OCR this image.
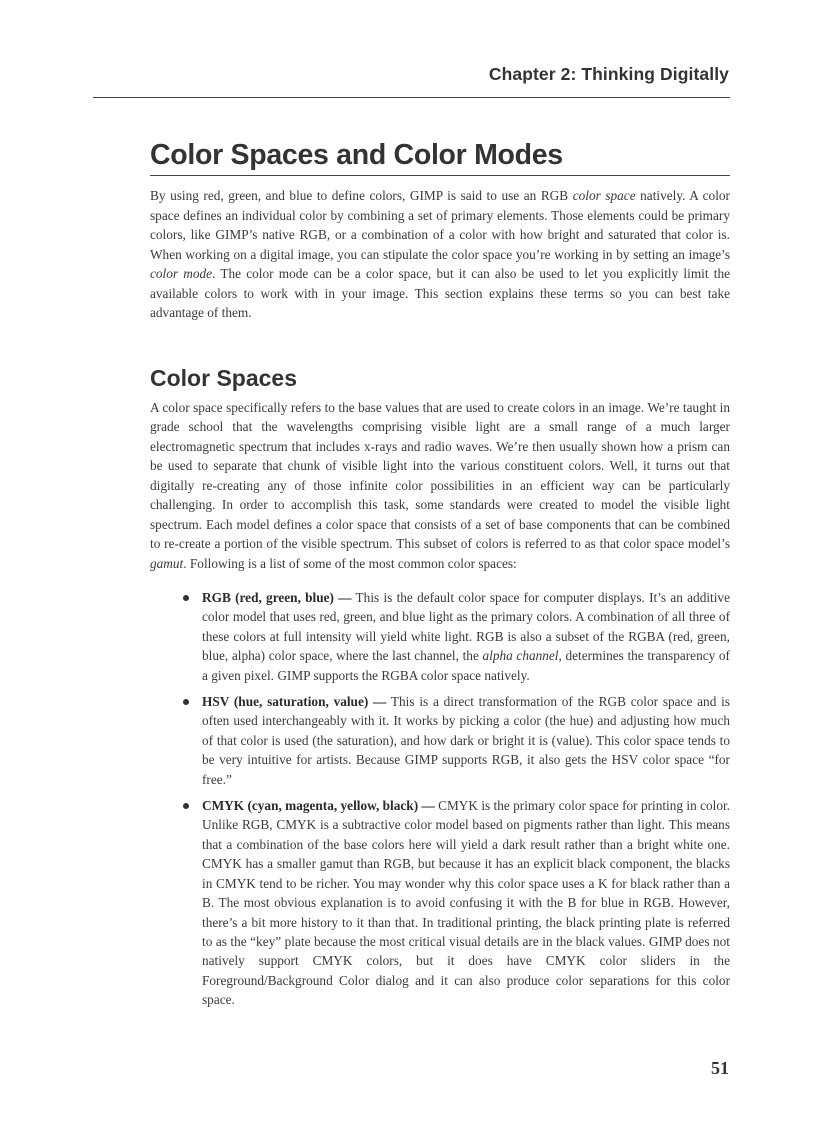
Chapter 2: Thinking Digitally
Color Spaces and Color Modes

By using red, green, and blue to define colors, GIMP is said to use an RGB color space natively. A color space defines an individual color by combining a set of primary elements. Those elements could be primary colors, like GIMP’s native RGB, or a combination of a color with how bright and saturated that color is. When working on a digital image, you can stipulate the color space you’re working in by setting an image’s color mode. The color mode can be a color space, but it can also be used to let you explicitly limit the available colors to work with in your image. This section explains these terms so you can best take advantage of them.

Color Spaces

A color space specifically refers to the base values that are used to create colors in an image. We’re taught in grade school that the wavelengths comprising visible light are a small range of a much larger electromagnetic spectrum that includes x-rays and radio waves. We’re then usually shown how a prism can be used to separate that chunk of visible light into the various constituent colors. Well, it turns out that digitally re-creating any of those infinite color possibilities in an efficient way can be particularly challenging. In order to accomplish this task, some standards were created to model the visible light spectrum. Each model defines a color space that consists of a set of base components that can be combined to re-create a portion of the visible spectrum. This subset of colors is referred to as that color space model’s gamut. Following is a list of some of the most common color spaces:

RGB (red, green, blue) — This is the default color space for computer displays. It’s an additive color model that uses red, green, and blue light as the primary colors. A combination of all three of these colors at full intensity will yield white light. RGB is also a subset of the RGBA (red, green, blue, alpha) color space, where the last channel, the alpha channel, determines the transparency of a given pixel. GIMP supports the RGBA color space natively.
HSV (hue, saturation, value) — This is a direct transformation of the RGB color space and is often used interchangeably with it. It works by picking a color (the hue) and adjusting how much of that color is used (the saturation), and how dark or bright it is (value). This color space tends to be very intuitive for artists. Because GIMP supports RGB, it also gets the HSV color space “for free.”
CMYK (cyan, magenta, yellow, black) — CMYK is the primary color space for printing in color. Unlike RGB, CMYK is a subtractive color model based on pigments rather than light. This means that a combination of the base colors here will yield a dark result rather than a bright white one. CMYK has a smaller gamut than RGB, but because it has an explicit black component, the blacks in CMYK tend to be richer. You may wonder why this color space uses a K for black rather than a B. The most obvious explanation is to avoid confusing it with the B for blue in RGB. However, there’s a bit more history to it than that. In traditional printing, the black printing plate is referred to as the “key” plate because the most critical visual details are in the black values. GIMP does not natively support CMYK colors, but it does have CMYK color sliders in the Foreground/Background Color dialog and it can also produce color separations for this color space.
51
